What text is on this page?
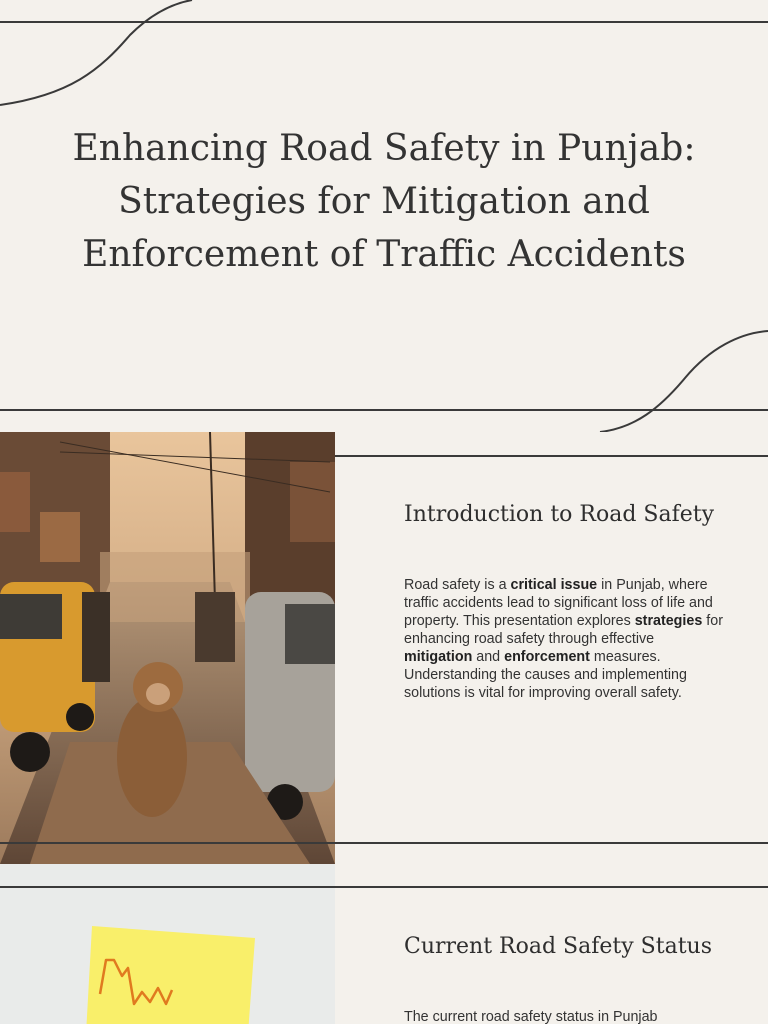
Enhancing Road Safety in Punjab: Strategies for Mitigation and Enforcement of Traffic Accidents
Introduction to Road Safety

Road safety is a critical issue in Punjab, where traffic accidents lead to significant loss of life and property. This presentation explores strategies for enhancing road safety through effective mitigation and enforcement measures. Understanding the causes and implementing solutions is vital for improving overall safety.

Current Road Safety Status

The current road safety status in Punjab
